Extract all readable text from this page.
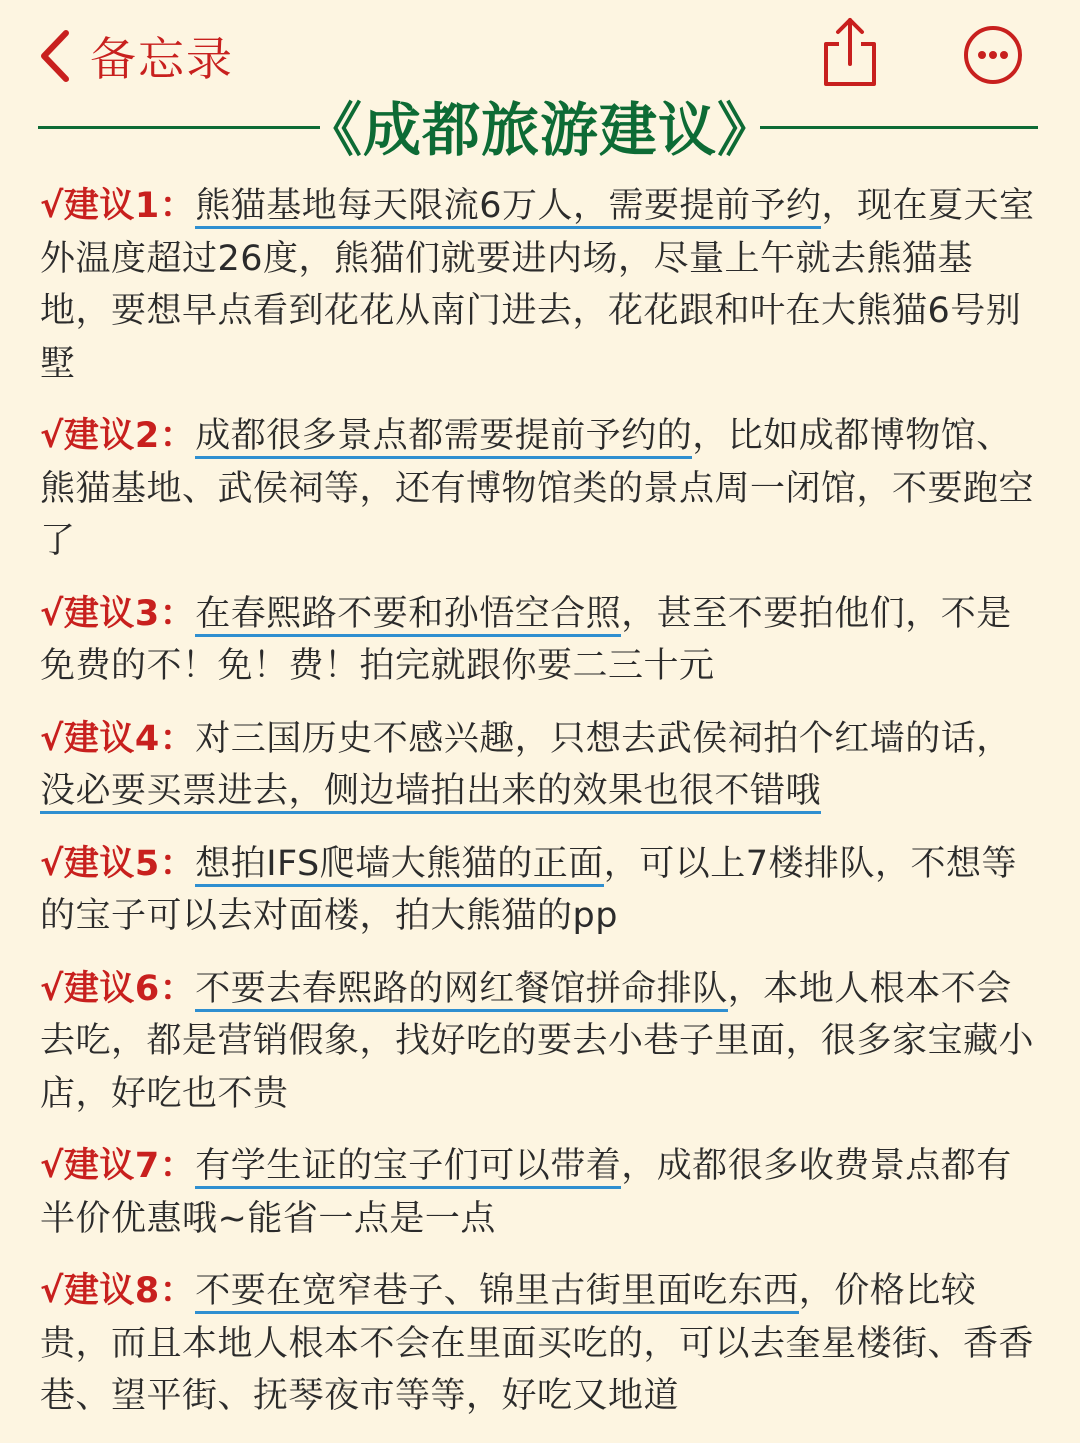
备忘录
《成都旅游建议》

√建议1：熊猫基地每天限流6万人，需要提前予约，现在夏天室外温度超过26度，熊猫们就要进内场，尽量上午就去熊猫基地，要想早点看到花花从南门进去，花花跟和叶在大熊猫6号别墅

√建议2：成都很多景点都需要提前予约的，比如成都博物馆、熊猫基地、武侯祠等，还有博物馆类的景点周一闭馆，不要跑空了

√建议3：在春熙路不要和孙悟空合照，甚至不要拍他们，不是免费的不！免！费！拍完就跟你要二三十元

√建议4：对三国历史不感兴趣，只想去武侯祠拍个红墙的话，没必要买票进去，侧边墙拍出来的效果也很不错哦

√建议5：想拍IFS爬墙大熊猫的正面，可以上7楼排队，不想等的宝子可以去对面楼，拍大熊猫的pp

√建议6：不要去春熙路的网红餐馆拼命排队，本地人根本不会去吃，都是营销假象，找好吃的要去小巷子里面，很多家宝藏小店，好吃也不贵

√建议7：有学生证的宝子们可以带着，成都很多收费景点都有半价优惠哦~能省一点是一点

√建议8：不要在宽窄巷子、锦里古街里面吃东西，价格比较贵，而且本地人根本不会在里面买吃的，可以去奎星楼街、香香巷、望平街、抚琴夜市等等，好吃又地道
